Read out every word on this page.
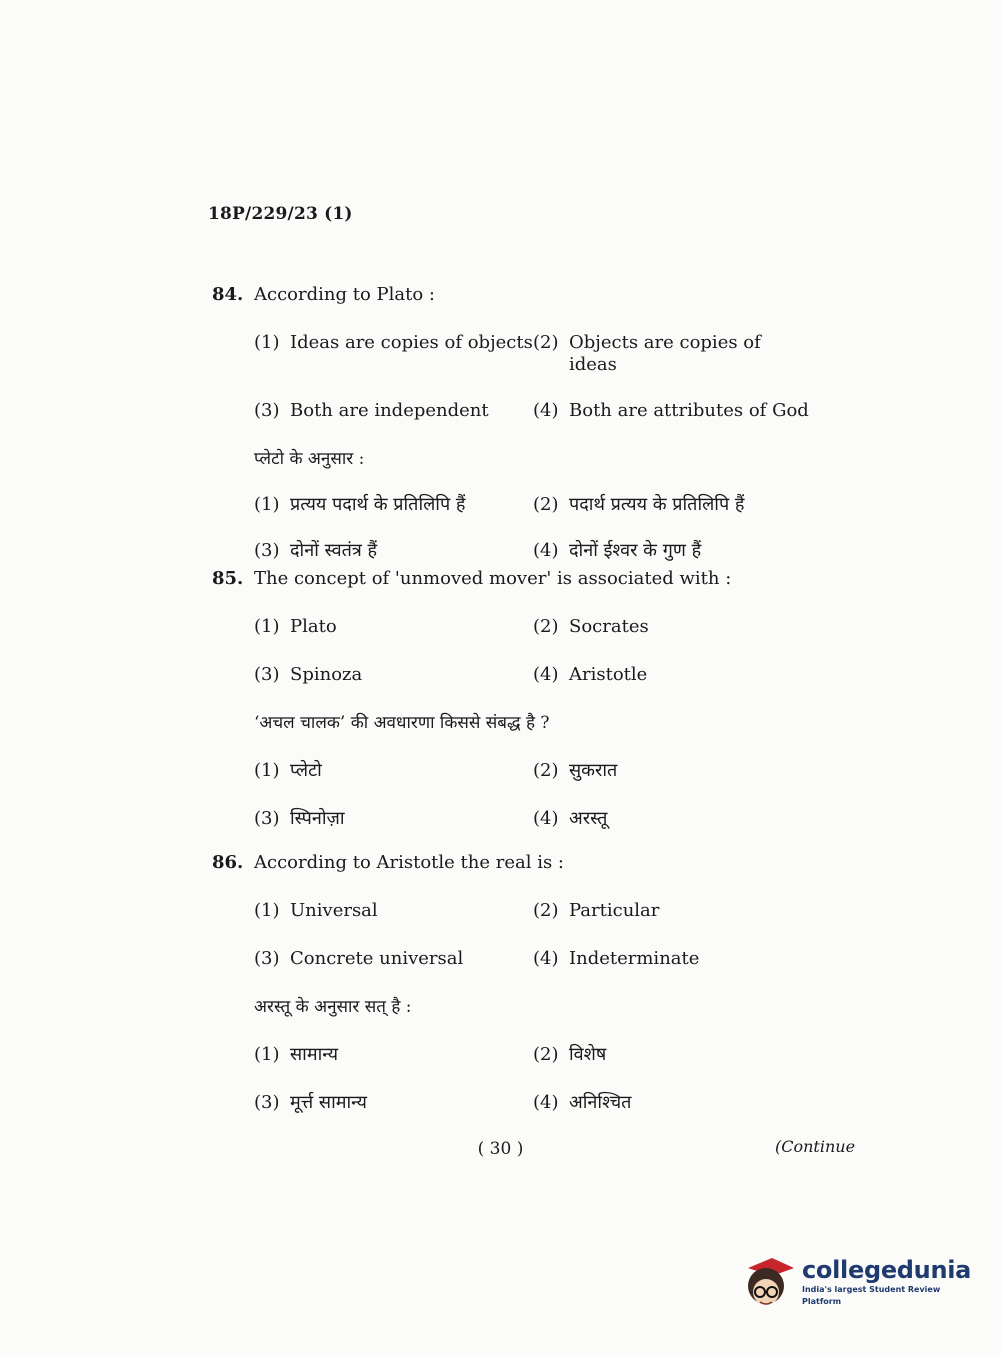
18P/229/23 (1)
84. According to Plato :
(1) Ideas are copies of objects (2) Objects are copies of ideas
(3) Both are independent (4) Both are attributes of God
प्लेटो के अनुसार :
(1) प्रत्यय पदार्थ के प्रतिलिपि हैं	(2) पदार्थ प्रत्यय के प्रतिलिपि हैं
(3) दोनों स्वतंत्र हैं	(4) दोनों ईश्वर के गुण हैं
85. The concept of 'unmoved mover' is associated with :
(1) Plato	(2) Socrates
(3) Spinoza	(4) Aristotle
‘अचल चालक’ की अवधारणा किससे संबद्ध है ?
(1) प्लेटो	(2) सुकरात
(3) स्पिनोज़ा	(4) अरस्तू
86. According to Aristotle the real is :
(1) Universal	(2) Particular
(3) Concrete universal	(4) Indeterminate
अरस्तू के अनुसार सत् है :
(1) सामान्य	(2) विशेष
(3) मूर्त्त सामान्य	(4) अनिश्चित
( 30 )	(Continue
collegedunia
India's largest Student Review Platform
